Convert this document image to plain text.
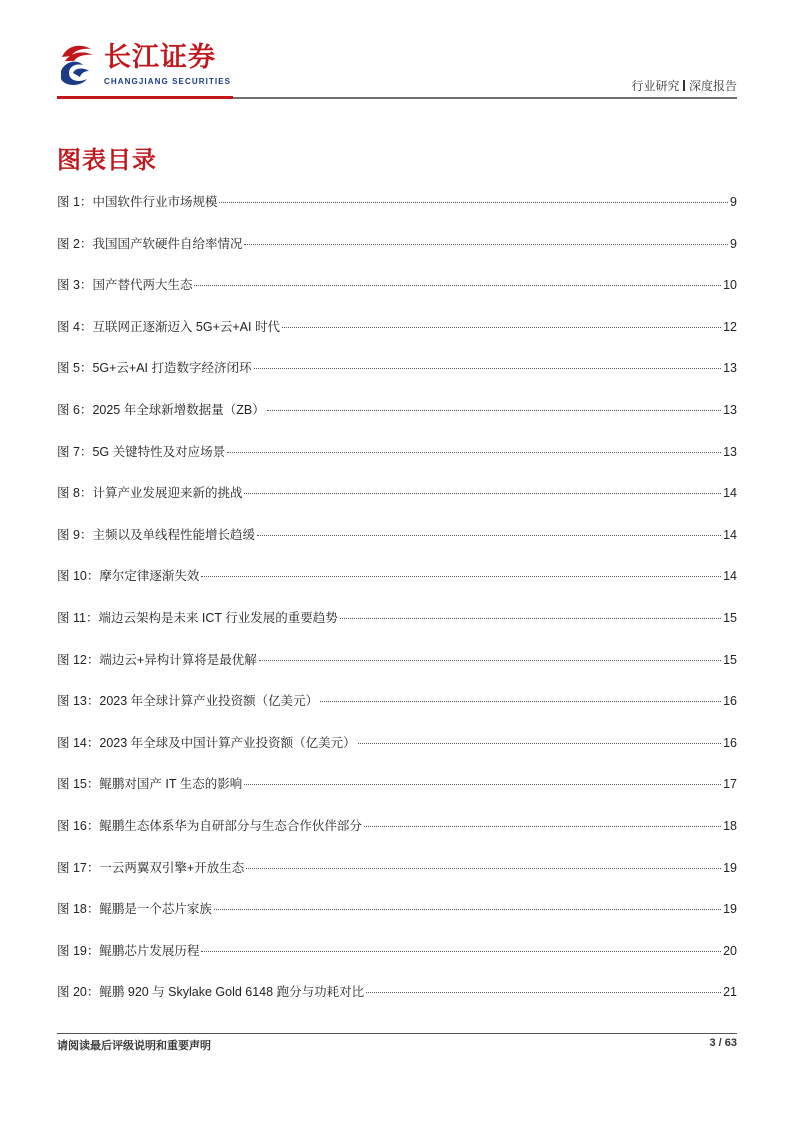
长江证券
CHANGJIANG SECURITIES	行业研究 深度报告
图表目录
图 1： 中国软件行业市场规模	9
图 2： 我国国产软硬件自给率情况	9
图 3： 国产替代两大生态	10
图 4： 互联网正逐渐迈入 5G+云+AI 时代	12
图 5： 5G+云+AI 打造数字经济闭环	13
图 6： 2025 年全球新增数据量（ZB）	13
图 7： 5G 关键特性及对应场景	13
图 8： 计算产业发展迎来新的挑战	14
图 9： 主频以及单线程性能增长趋缓	14
图 10： 摩尔定律逐渐失效	14
图 11： 端边云架构是未来 ICT 行业发展的重要趋势	15
图 12： 端边云+异构计算将是最优解	15
图 13： 2023 年全球计算产业投资额（亿美元）	16
图 14： 2023 年全球及中国计算产业投资额（亿美元）	16
图 15： 鲲鹏对国产 IT 生态的影响	17
图 16： 鲲鹏生态体系华为自研部分与生态合作伙伴部分	18
图 17： 一云两翼双引擎+开放生态	19
图 18： 鲲鹏是一个芯片家族	19
图 19： 鲲鹏芯片发展历程	20
图 20： 鲲鹏 920 与 Skylake Gold 6148 跑分与功耗对比	21
请阅读最后评级说明和重要声明	3 / 63
